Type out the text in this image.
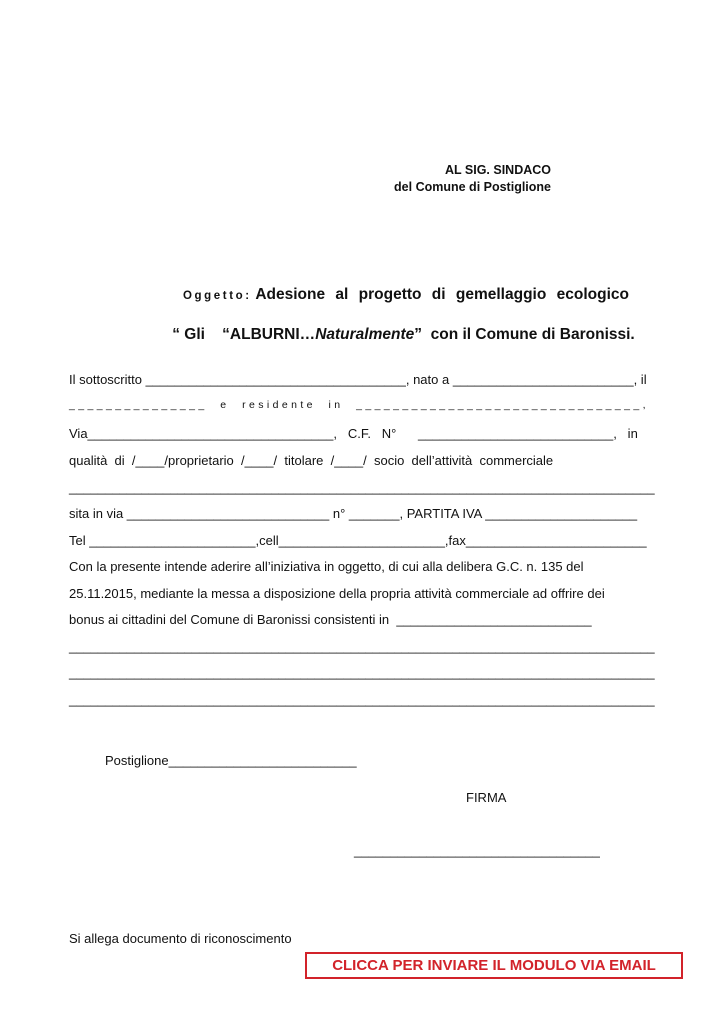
AL SIG. SINDACO
del Comune di Postiglione
Oggetto: Adesione al progetto di gemellaggio ecologico

“ Gli    “ALBURNI…Naturalmente”  con il Comune di Baronissi.

Il sottoscritto ____________________________________, nato a _________________________, il
_______________  e  residente  in  _______________________________,
Via__________________________________,   C.F.   N°      ___________________________,   in
qualità  di  /____/proprietario  /____/  titolare  /____/  socio  dell’attività  commerciale
_________________________________________________________________________________
sita in via ____________________________ n° _______, PARTITA IVA _____________________
Tel _______________________,cell_______________________,fax_________________________
Con la presente intende aderire all’iniziativa in oggetto, di cui alla delibera G.C. n. 135 del
25.11.2015, mediante la messa a disposizione della propria attività commerciale ad offrire dei
bonus ai cittadini del Comune di Baronissi consistenti in  ___________________________
_________________________________________________________________________________
_________________________________________________________________________________
_________________________________________________________________________________
Postiglione__________________________
FIRMA
__________________________________
Si allega documento di riconoscimento
CLICCA PER INVIARE IL MODULO VIA EMAIL
